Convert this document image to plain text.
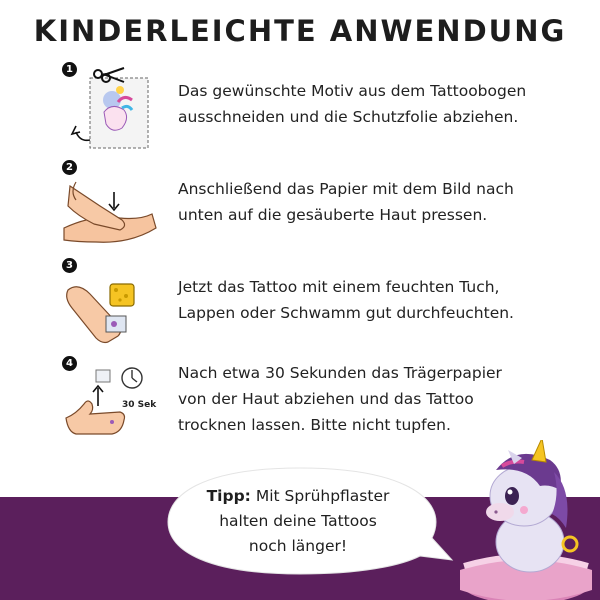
KINDERLEICHTE ANWENDUNG
1
Das gewünschte Motiv aus dem Tattoobogen
ausschneiden und die Schutzfolie abziehen.
2
Anschließend das Papier mit dem Bild nach
unten auf die gesäuberte Haut pressen.
3
Jetzt das Tattoo mit einem feuchten Tuch,
Lappen oder Schwamm gut durchfeuchten.
4
30 Sek
Nach etwa 30 Sekunden das Trägerpapier
von der Haut abziehen und das Tattoo
trocknen lassen. Bitte nicht tupfen.
Tipp: Mit Sprühpflaster
halten deine Tattoos
noch länger!
